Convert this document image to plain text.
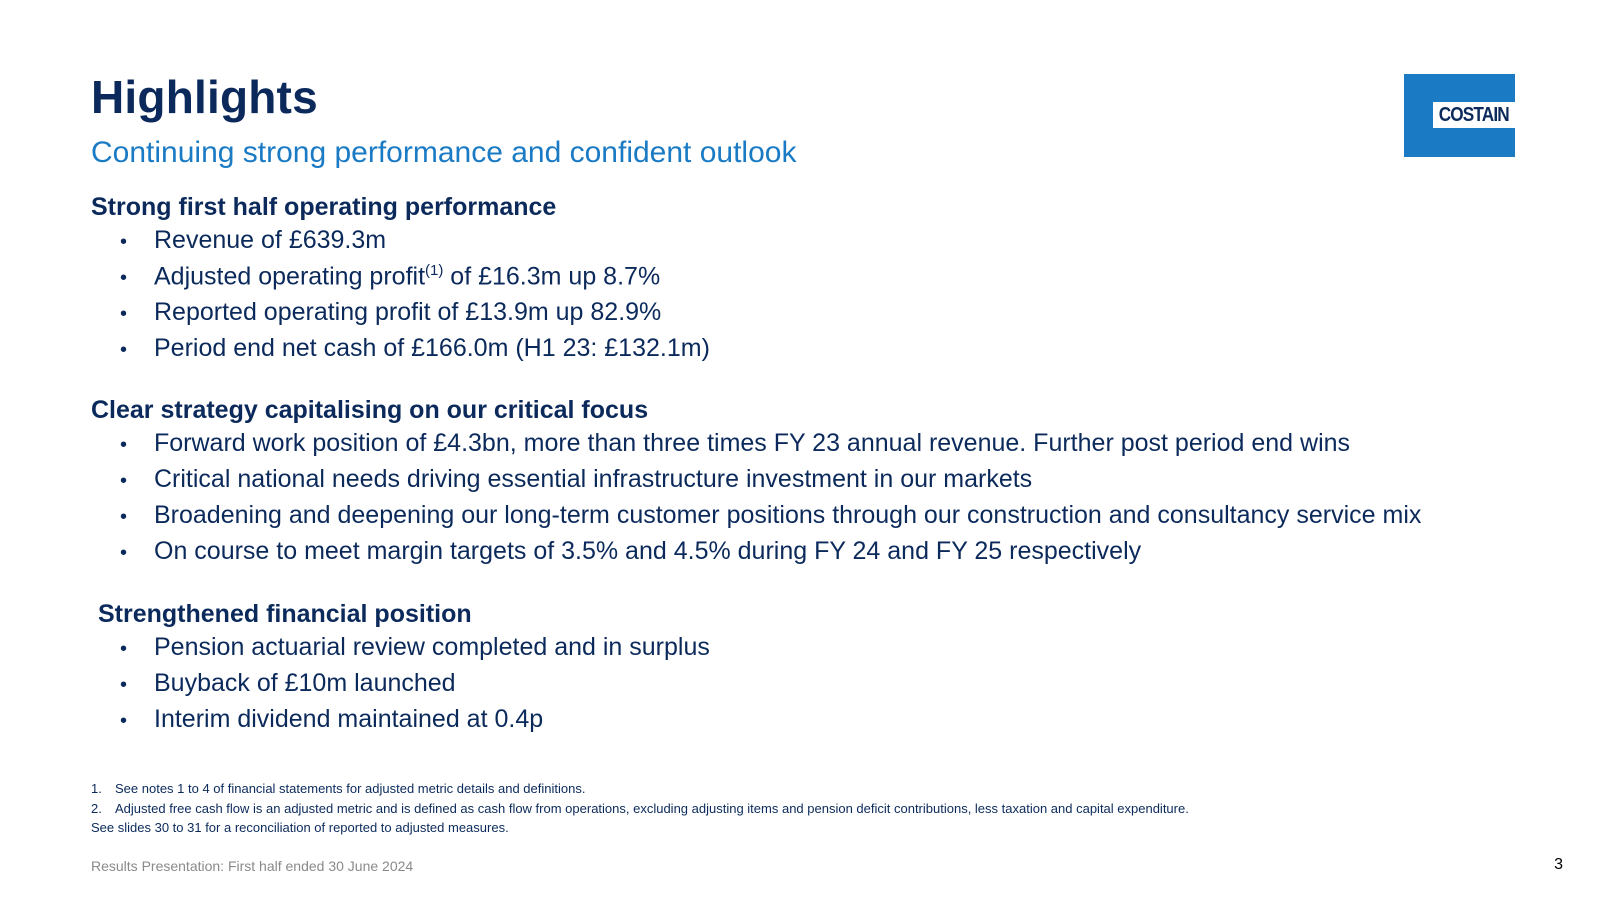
Highlights

Continuing strong performance and confident outlook

COSTAIN
Strong first half operating performance
•	Revenue of £639.3m
•	Adjusted operating profit$^{(1)}$ of £16.3m up 8.7%
•	Reported operating profit of £13.9m up 82.9%
•	Period end net cash of £166.0m (H1 23: £132.1m)
Clear strategy capitalising on our critical focus
•	Forward work position of £4.3bn, more than three times FY 23 annual revenue. Further post period end wins
•	Critical national needs driving essential infrastructure investment in our markets
•	Broadening and deepening our long-term customer positions through our construction and consultancy service mix
•	On course to meet margin targets of 3.5% and 4.5% during FY 24 and FY 25 respectively
Strengthened financial position
•	Pension actuarial review completed and in surplus
•	Buyback of £10m launched
•	Interim dividend maintained at 0.4p
1.	See notes 1 to 4 of financial statements for adjusted metric details and definitions.
2.	Adjusted free cash flow is an adjusted metric and is defined as cash flow from operations, excluding adjusting items and pension deficit contributions, less taxation and capital expenditure.
See slides 30 to 31 for a reconciliation of reported to adjusted measures.
Results Presentation: First half ended 30 June 2024	3
